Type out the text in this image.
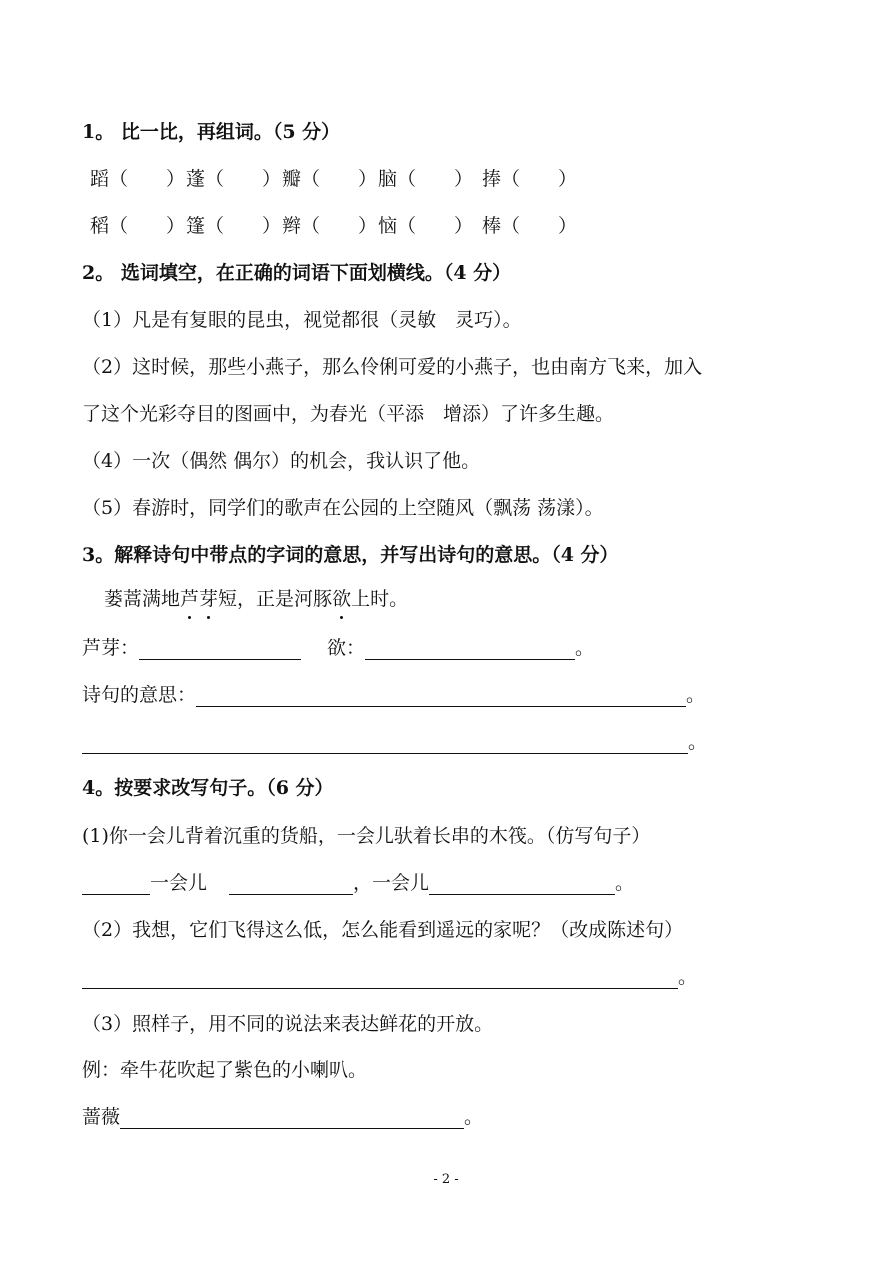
1。 比一比，再组词。（5 分）
蹈（　　）蓬（　　）瓣（　　）脑（　　） 捧（　　）
稻（　　）篷（　　）辫（　　）恼（　　） 棒（　　）
2。 选词填空，在正确的词语下面划横线。（4 分）
（1）凡是有复眼的昆虫，视觉都很（灵敏　灵巧）。
（2）这时候，那些小燕子，那么伶俐可爱的小燕子，也由南方飞来，加入
了这个光彩夺目的图画中，为春光（平添　增添）了许多生趣。
（4）一次（偶然 偶尔）的机会，我认识了他。
（5）春游时，同学们的歌声在公园的上空随风（飘荡 荡漾）。
3。解释诗句中带点的字词的意思，并写出诗句的意思。（4 分）
蒌蒿满地芦芽短，正是河豚欲上时。
芦芽：	欲：	。
诗句的意思：	。
。
4。按要求改写句子。（6 分）
(1)你一会儿背着沉重的货船，一会儿驮着长串的木筏。（仿写句子）
一会儿	，一会儿	。
（2）我想，它们飞得这么低，怎么能看到遥远的家呢？（改成陈述句）
。
（3）照样子，用不同的说法来表达鲜花的开放。
例：牵牛花吹起了紫色的小喇叭。
蔷薇	。
- 2 -
